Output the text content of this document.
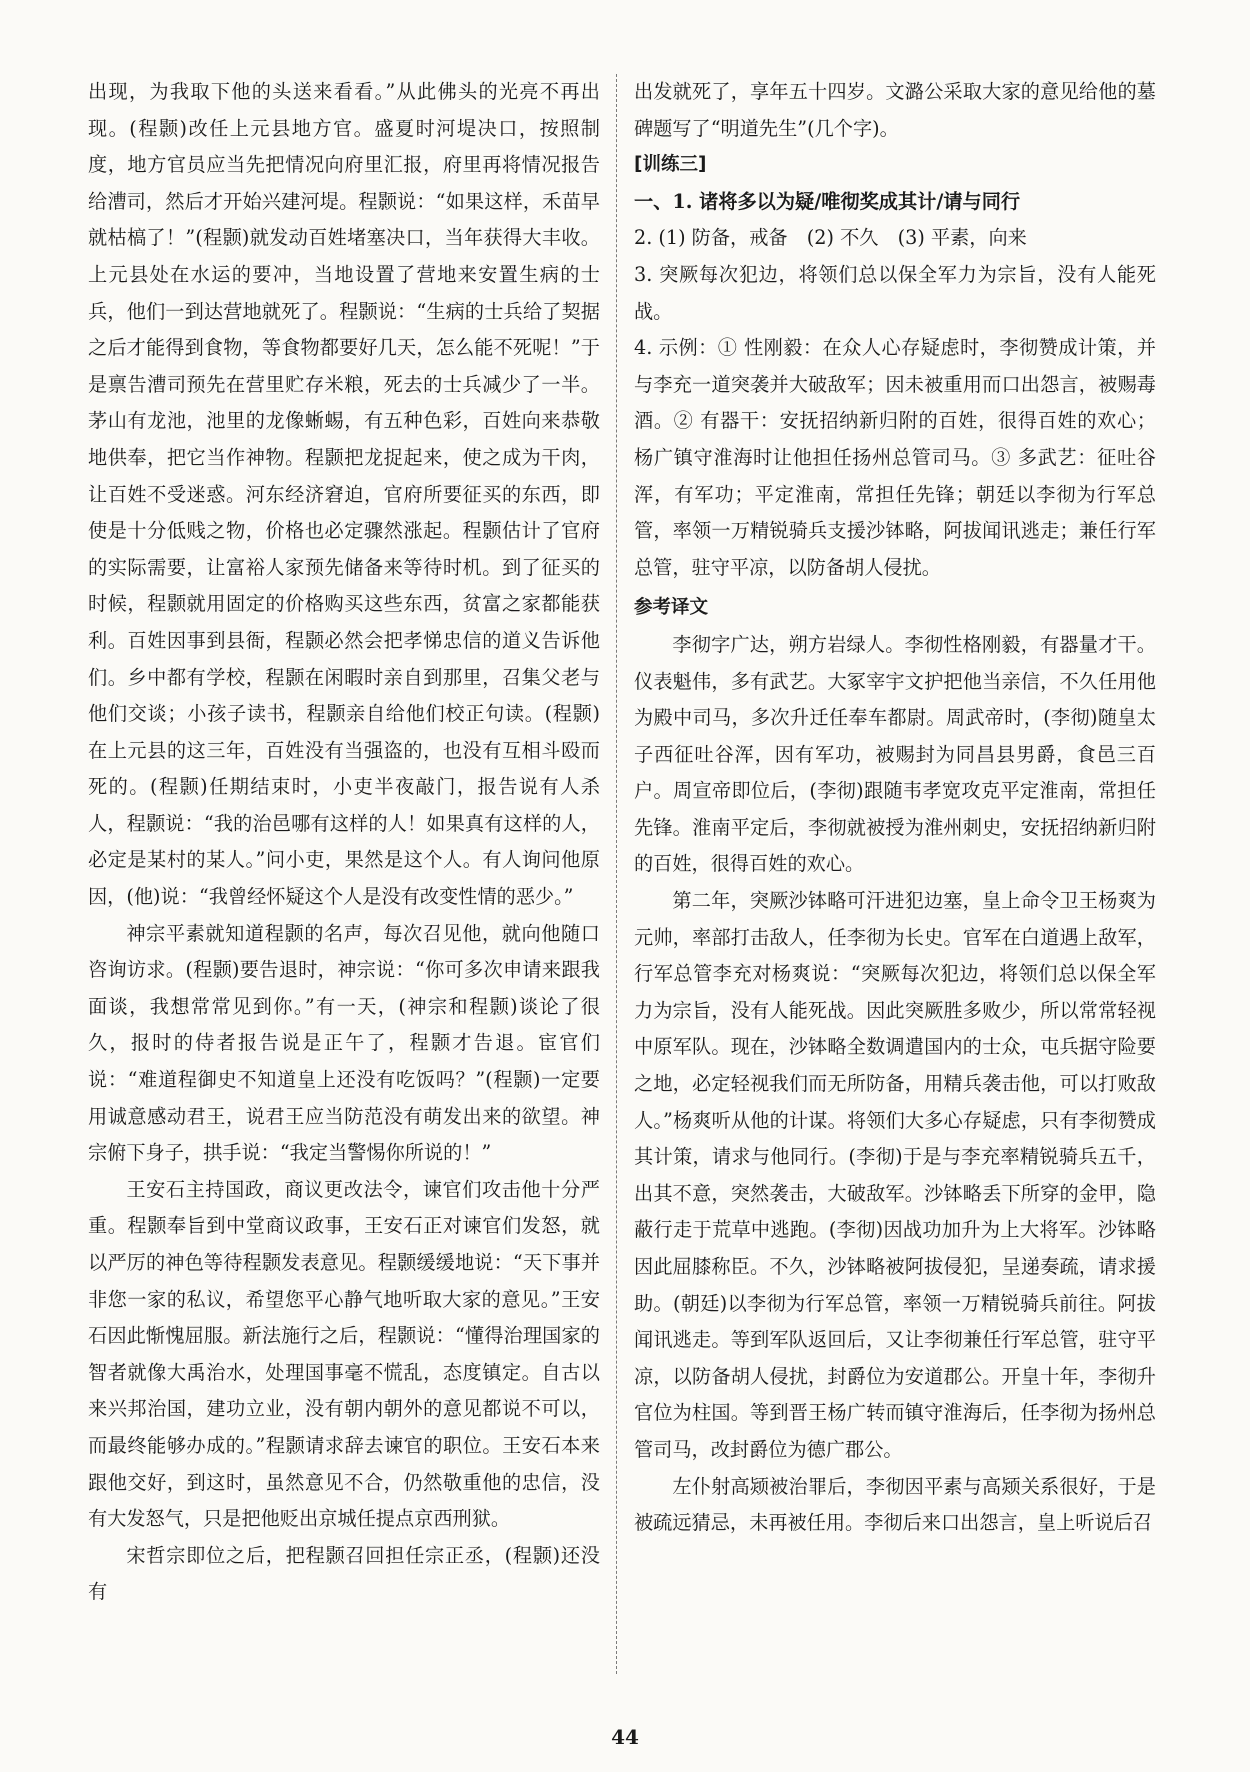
出现，为我取下他的头送来看看。”从此佛头的光亮不再出现。(程颢)改任上元县地方官。盛夏时河堤决口，按照制度，地方官员应当先把情况向府里汇报，府里再将情况报告给漕司，然后才开始兴建河堤。程颢说：“如果这样，禾苗早就枯槁了！”(程颢)就发动百姓堵塞决口，当年获得大丰收。上元县处在水运的要冲，当地设置了营地来安置生病的士兵，他们一到达营地就死了。程颢说：“生病的士兵给了契据之后才能得到食物，等食物都要好几天，怎么能不死呢！”于是禀告漕司预先在营里贮存米粮，死去的士兵减少了一半。茅山有龙池，池里的龙像蜥蜴，有五种色彩，百姓向来恭敬地供奉，把它当作神物。程颢把龙捉起来，使之成为干肉，让百姓不受迷惑。河东经济窘迫，官府所要征买的东西，即使是十分低贱之物，价格也必定骤然涨起。程颢估计了官府的实际需要，让富裕人家预先储备来等待时机。到了征买的时候，程颢就用固定的价格购买这些东西，贫富之家都能获利。百姓因事到县衙，程颢必然会把孝悌忠信的道义告诉他们。乡中都有学校，程颢在闲暇时亲自到那里，召集父老与他们交谈；小孩子读书，程颢亲自给他们校正句读。(程颢)在上元县的这三年，百姓没有当强盗的，也没有互相斗殴而死的。(程颢)任期结束时，小吏半夜敲门，报告说有人杀人，程颢说：“我的治邑哪有这样的人！如果真有这样的人，必定是某村的某人。”问小吏，果然是这个人。有人询问他原因，(他)说：“我曾经怀疑这个人是没有改变性情的恶少。”

神宗平素就知道程颢的名声，每次召见他，就向他随口咨询访求。(程颢)要告退时，神宗说：“你可多次申请来跟我面谈，我想常常见到你。”有一天，(神宗和程颢)谈论了很久，报时的侍者报告说是正午了，程颢才告退。宦官们说：“难道程御史不知道皇上还没有吃饭吗？”(程颢)一定要用诚意感动君王，说君王应当防范没有萌发出来的欲望。神宗俯下身子，拱手说：“我定当警惕你所说的！”

王安石主持国政，商议更改法令，谏官们攻击他十分严重。程颢奉旨到中堂商议政事，王安石正对谏官们发怒，就以严厉的神色等待程颢发表意见。程颢缓缓地说：“天下事并非您一家的私议，希望您平心静气地听取大家的意见。”王安石因此惭愧屈服。新法施行之后，程颢说：“懂得治理国家的智者就像大禹治水，处理国事毫不慌乱，态度镇定。自古以来兴邦治国，建功立业，没有朝内朝外的意见都说不可以，而最终能够办成的。”程颢请求辞去谏官的职位。王安石本来跟他交好，到这时，虽然意见不合，仍然敬重他的忠信，没有大发怒气，只是把他贬出京城任提点京西刑狱。

宋哲宗即位之后，把程颢召回担任宗正丞，(程颢)还没有

出发就死了，享年五十四岁。文潞公采取大家的意见给他的墓碑题写了“明道先生”(几个字)。

[训练三]

一、1. 诸将多以为疑/唯彻奖成其计/请与同行

2. (1) 防备，戒备　(2) 不久　(3) 平素，向来

3. 突厥每次犯边，将领们总以保全军力为宗旨，没有人能死战。

4. 示例：① 性刚毅：在众人心存疑虑时，李彻赞成计策，并与李充一道突袭并大破敌军；因未被重用而口出怨言，被赐毒酒。② 有器干：安抚招纳新归附的百姓，很得百姓的欢心；杨广镇守淮海时让他担任扬州总管司马。③ 多武艺：征吐谷浑，有军功；平定淮南，常担任先锋；朝廷以李彻为行军总管，率领一万精锐骑兵支援沙钵略，阿拔闻讯逃走；兼任行军总管，驻守平凉，以防备胡人侵扰。

参考译文

李彻字广达，朔方岩绿人。李彻性格刚毅，有器量才干。仪表魁伟，多有武艺。大冢宰宇文护把他当亲信，不久任用他为殿中司马，多次升迁任奉车都尉。周武帝时，(李彻)随皇太子西征吐谷浑，因有军功，被赐封为同昌县男爵，食邑三百户。周宣帝即位后，(李彻)跟随韦孝宽攻克平定淮南，常担任先锋。淮南平定后，李彻就被授为淮州刺史，安抚招纳新归附的百姓，很得百姓的欢心。

第二年，突厥沙钵略可汗进犯边塞，皇上命令卫王杨爽为元帅，率部打击敌人，任李彻为长史。官军在白道遇上敌军，行军总管李充对杨爽说：“突厥每次犯边，将领们总以保全军力为宗旨，没有人能死战。因此突厥胜多败少，所以常常轻视中原军队。现在，沙钵略全数调遣国内的士众，屯兵据守险要之地，必定轻视我们而无所防备，用精兵袭击他，可以打败敌人。”杨爽听从他的计谋。将领们大多心存疑虑，只有李彻赞成其计策，请求与他同行。(李彻)于是与李充率精锐骑兵五千，出其不意，突然袭击，大破敌军。沙钵略丢下所穿的金甲，隐蔽行走于荒草中逃跑。(李彻)因战功加升为上大将军。沙钵略因此屈膝称臣。不久，沙钵略被阿拔侵犯，呈递奏疏，请求援助。(朝廷)以李彻为行军总管，率领一万精锐骑兵前往。阿拔闻讯逃走。等到军队返回后，又让李彻兼任行军总管，驻守平凉，以防备胡人侵扰，封爵位为安道郡公。开皇十年，李彻升官位为柱国。等到晋王杨广转而镇守淮海后，任李彻为扬州总管司马，改封爵位为德广郡公。

左仆射高颎被治罪后，李彻因平素与高颎关系很好，于是被疏远猜忌，未再被任用。李彻后来口出怨言，皇上听说后召

44
